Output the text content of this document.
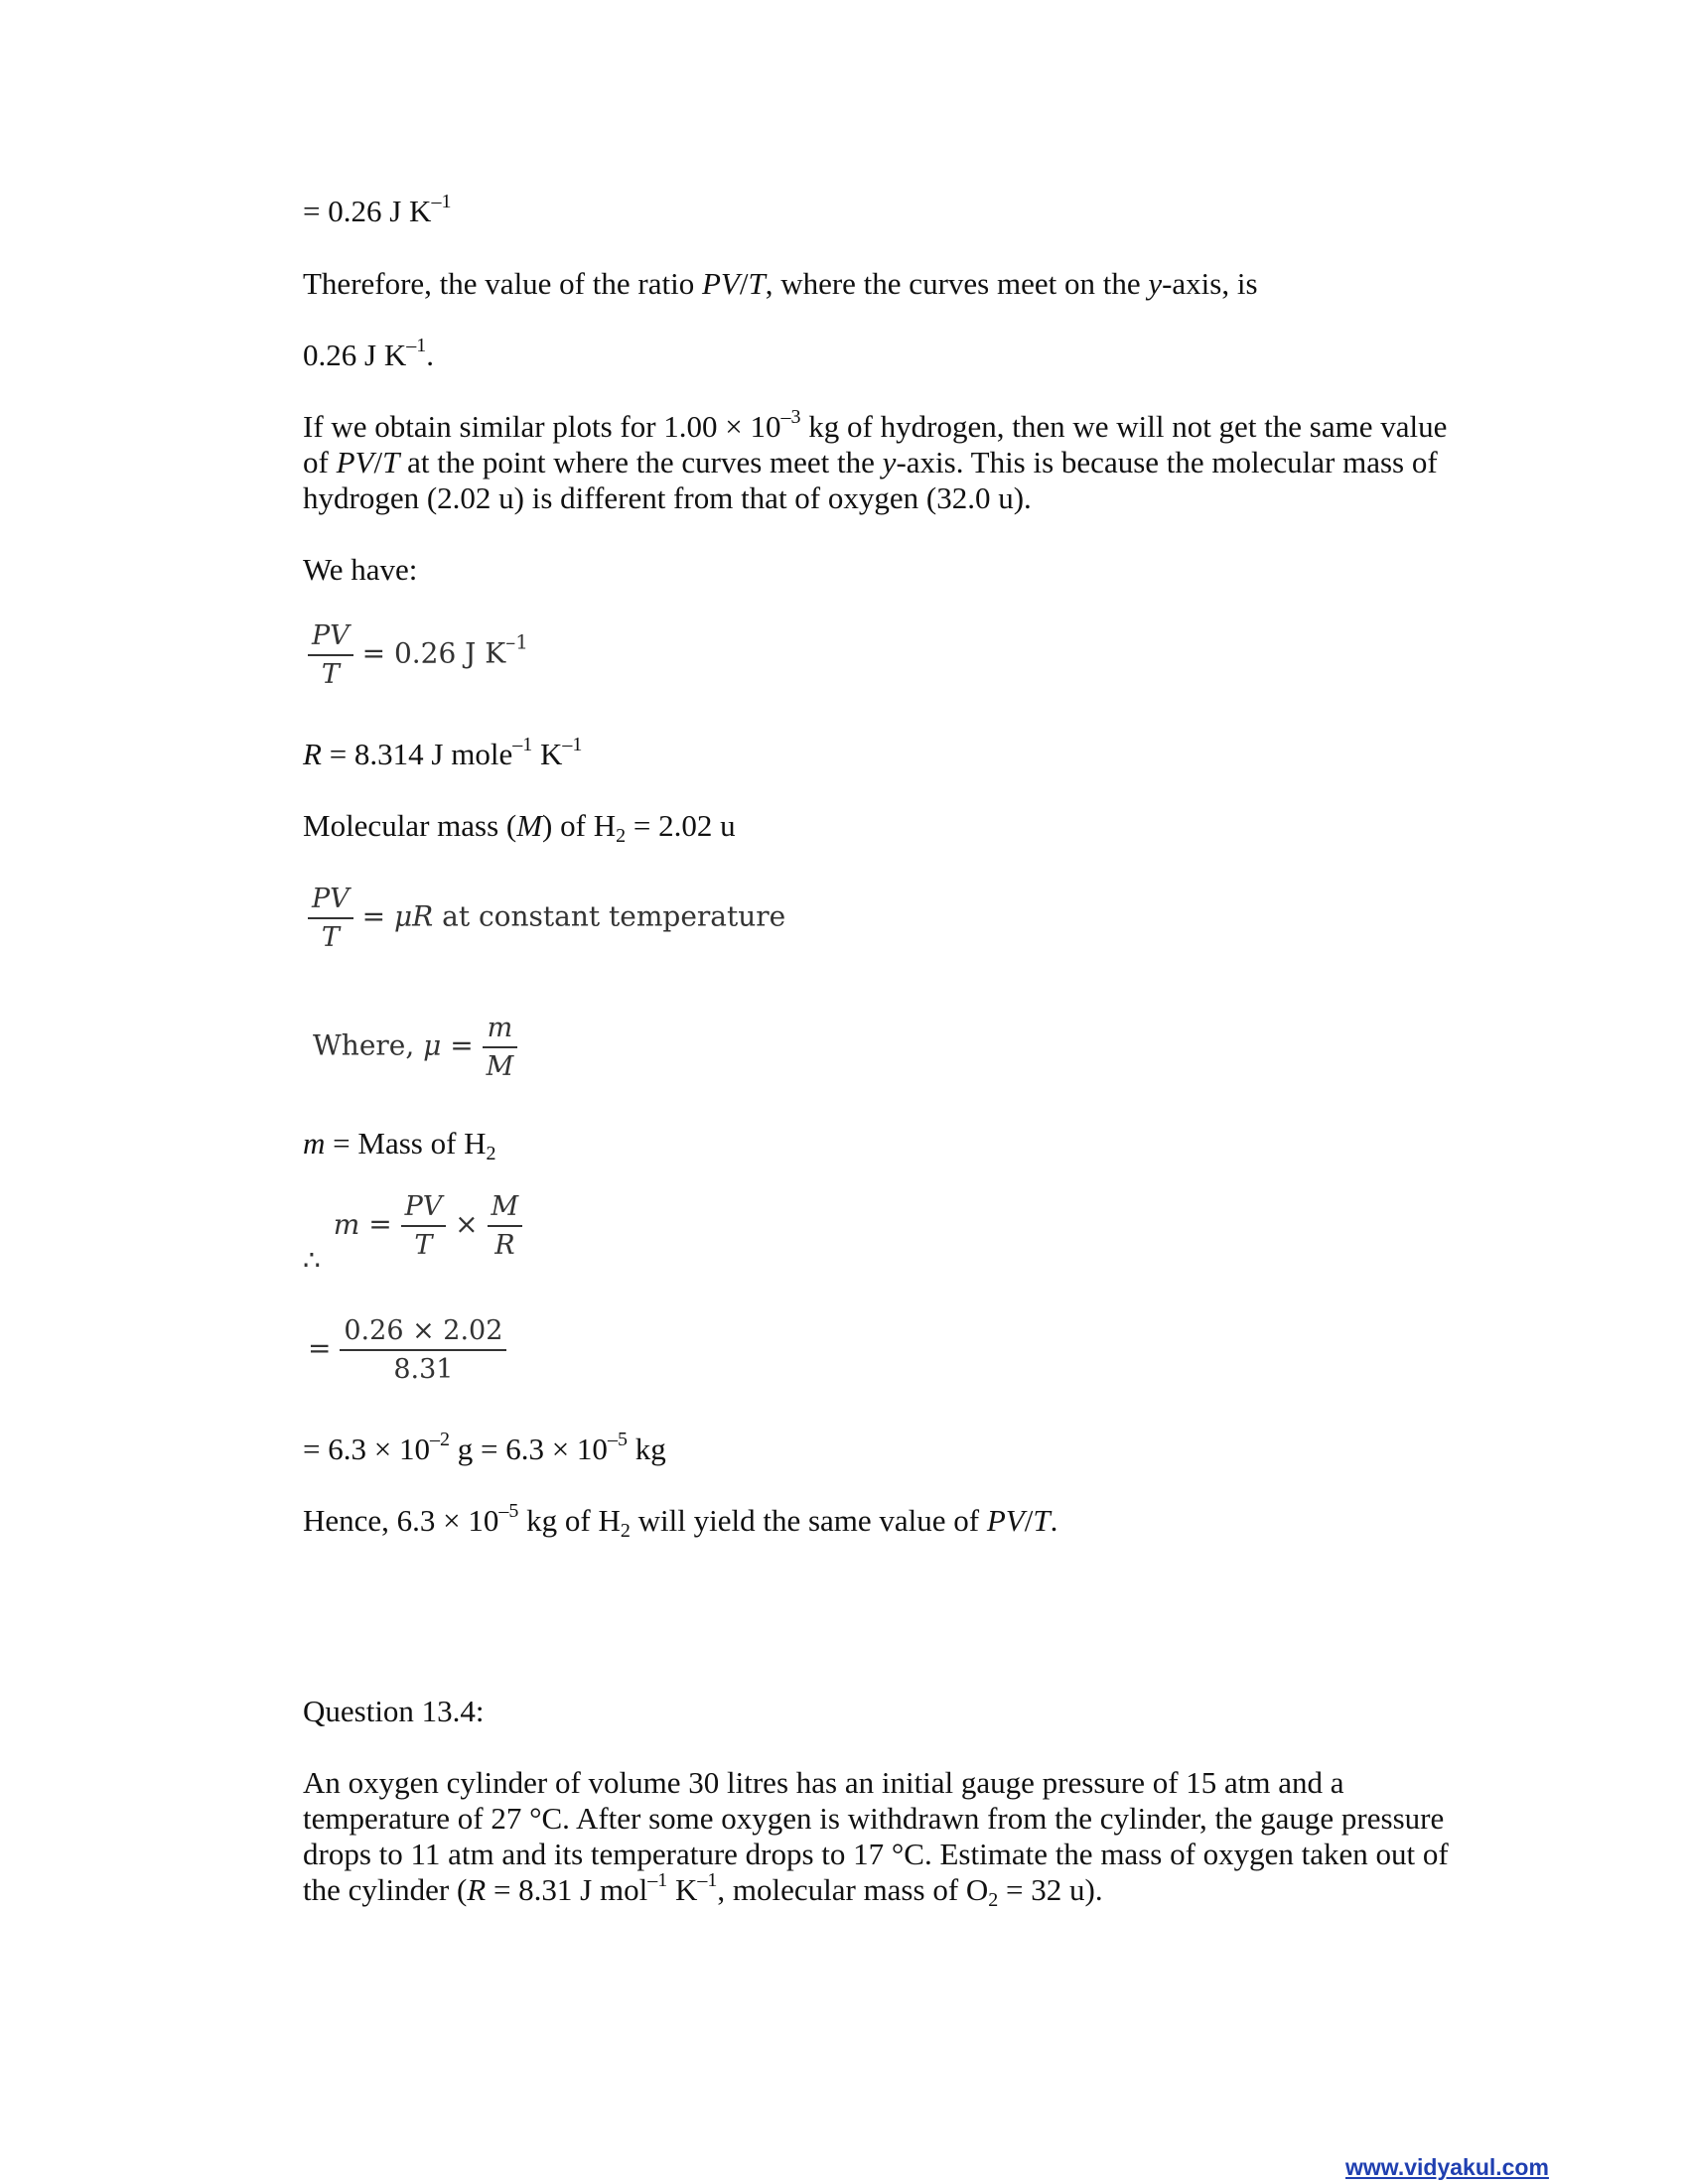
= 0.26 J $K^{-1}$
Therefore, the value of the ratio PV/T, where the curves meet on the y-axis, is
0.26 J $K^{-1}$.
If we obtain similar plots for $1.00 \times 10^{-3}$ kg of hydrogen, then we will not get the same value of PV/T at the point where the curves meet the y-axis. This is because the molecular mass of hydrogen (2.02 u) is different from that of oxygen (32.0 u).
We have:
$\frac{PV}{T} = 0.26$ J $K^{-1}$
R = 8.314 J mole$^{-1}$ $K^{-1}$
Molecular mass (M) of $H_2 = 2.02$ u
$\frac{PV}{T} = \mu R$ at constant temperature
Where, $\mu = \frac{m}{M}$
m = Mass of $H_2$
∴ $m = \frac{PV}{T} \times \frac{M}{R}$
= $\frac{0.26 \times 2.02}{8.31}$
= $6.3 \times 10^{-2}$ $g = 6.3 \times 10^{-5}$ kg
Hence, $6.3 \times 10^{-5}$ kg of $H_2$ will yield the same value of PV/T.
Question 13.4:
An oxygen cylinder of volume 30 litres has an initial gauge pressure of 15 atm and a temperature of 27 °C. After some oxygen is withdrawn from the cylinder, the gauge pressure drops to 11 atm and its temperature drops to 17 °C. Estimate the mass of oxygen taken out of the cylinder (R = 8.31 J mol$^{-1}$ $K^{-1}$, molecular mass of $O_2 = 32$ u).
www.vidyakul.com
